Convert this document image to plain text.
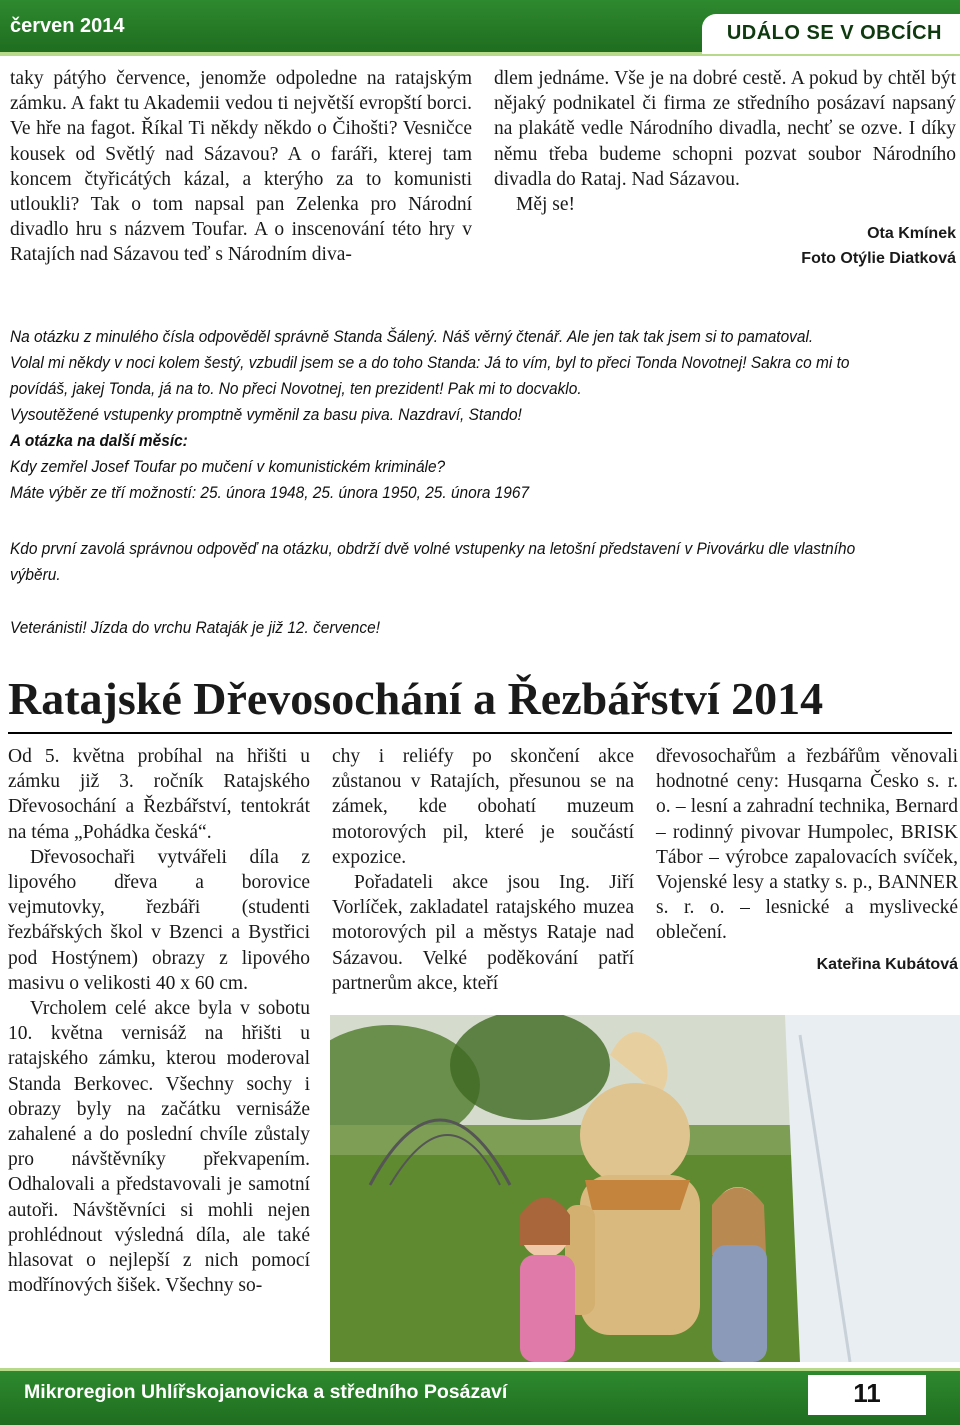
červen 2014	UDÁLO SE V OBCÍCH

taky pátýho července, jenomže odpoledne na ratajským zámku. A fakt tu Akademii vedou ti největší evropští borci. Ve hře na fagot. Říkal Ti někdy někdo o Čihošti? Vesničce kousek od Světlý nad Sázavou? A o faráři, kterej tam koncem čtyřicátých kázal, a kterýho za to komunisti utloukli? Tak o tom napsal pan Zelenka pro Národní divadlo hru s názvem Toufar. A o inscenování této hry v Ratajích nad Sázavou teď s Národním diva-

dlem jednáme. Vše je na dobré cestě. A pokud by chtěl být nějaký podnikatel či firma ze středního posázaví napsaný na plakátě vedle Národního divadla, nechť se ozve. I díky němu třeba budeme schopni pozvat soubor Národního divadla do Rataj. Nad Sázavou.

Měj se!

Ota Kmínek
Foto Otýlie Diatková
Na otázku z minulého čísla odpověděl správně Standa Šálený. Náš věrný čtenář. Ale jen tak tak jsem si to pamatoval.
Volal mi někdy v noci kolem šestý, vzbudil jsem se a do toho Standa: Já to vím, byl to přeci Tonda Novotnej! Sakra co mi to povídáš, jakej Tonda, já na to. No přeci Novotnej, ten prezident! Pak mi to docvaklo.
Vysoutěžené vstupenky promptně vyměnil za basu piva. Nazdraví, Stando!
A otázka na další měsíc:
Kdy zemřel Josef Toufar po mučení v komunistickém kriminále?
Máte výběr ze tří možností: 25. února 1948, 25. února 1950, 25. února 1967
Kdo první zavolá správnou odpověď na otázku, obdrží dvě volné vstupenky na letošní představení v Pivovárku dle vlastního výběru.
Veteránisti! Jízda do vrchu Rataják je již 12. července!
Ratajské Dřevosochání a Řezbářství 2014

Od 5. května probíhal na hřišti u zámku již 3. ročník Ratajského Dřevosochání a Řezbářství, tentokrát na téma „Pohádka česká“.

Dřevosochaři vytvářeli díla z lipového dřeva a borovice vejmutovky, řezbáři (studenti řezbářských škol v Bzenci a Bystřici pod Hostýnem) obrazy z lipového masivu o velikosti 40 x 60 cm.

Vrcholem celé akce byla v sobotu 10. května vernisáž na hřišti u ratajského zámku, kterou moderoval Standa Berkovec. Všechny sochy i obrazy byly na začátku vernisáže zahalené a do poslední chvíle zůstaly pro návštěvníky překvapením. Odhalovali a představovali je samotní autoři. Návštěvníci si mohli nejen prohlédnout výsledná díla, ale také hlasovat o nejlepší z nich pomocí modřínových šišek. Všechny so-

chy i reliéfy po skončení akce zůstanou v Ratajích, přesunou se na zámek, kde obohatí muzeum motorových pil, které je součástí expozice.

Pořadateli akce jsou Ing. Jiří Vorlíček, zakladatel ratajského muzea motorových pil a městys Rataje nad Sázavou. Velké poděkování patří partnerům akce, kteří

dřevosochařům a řezbářům věnovali hodnotné ceny: Husqarna Česko s. r. o. – lesní a zahradní technika, Bernard – rodinný pivovar Humpolec, BRISK Tábor – výrobce zapalovacích svíček, Vojenské lesy a statky s. p., BANNER s. r. o. – lesnické a myslivecké oblečení.

Kateřina Kubátová
Mikroregion Uhlířskojanovicka a středního Posázaví	11
